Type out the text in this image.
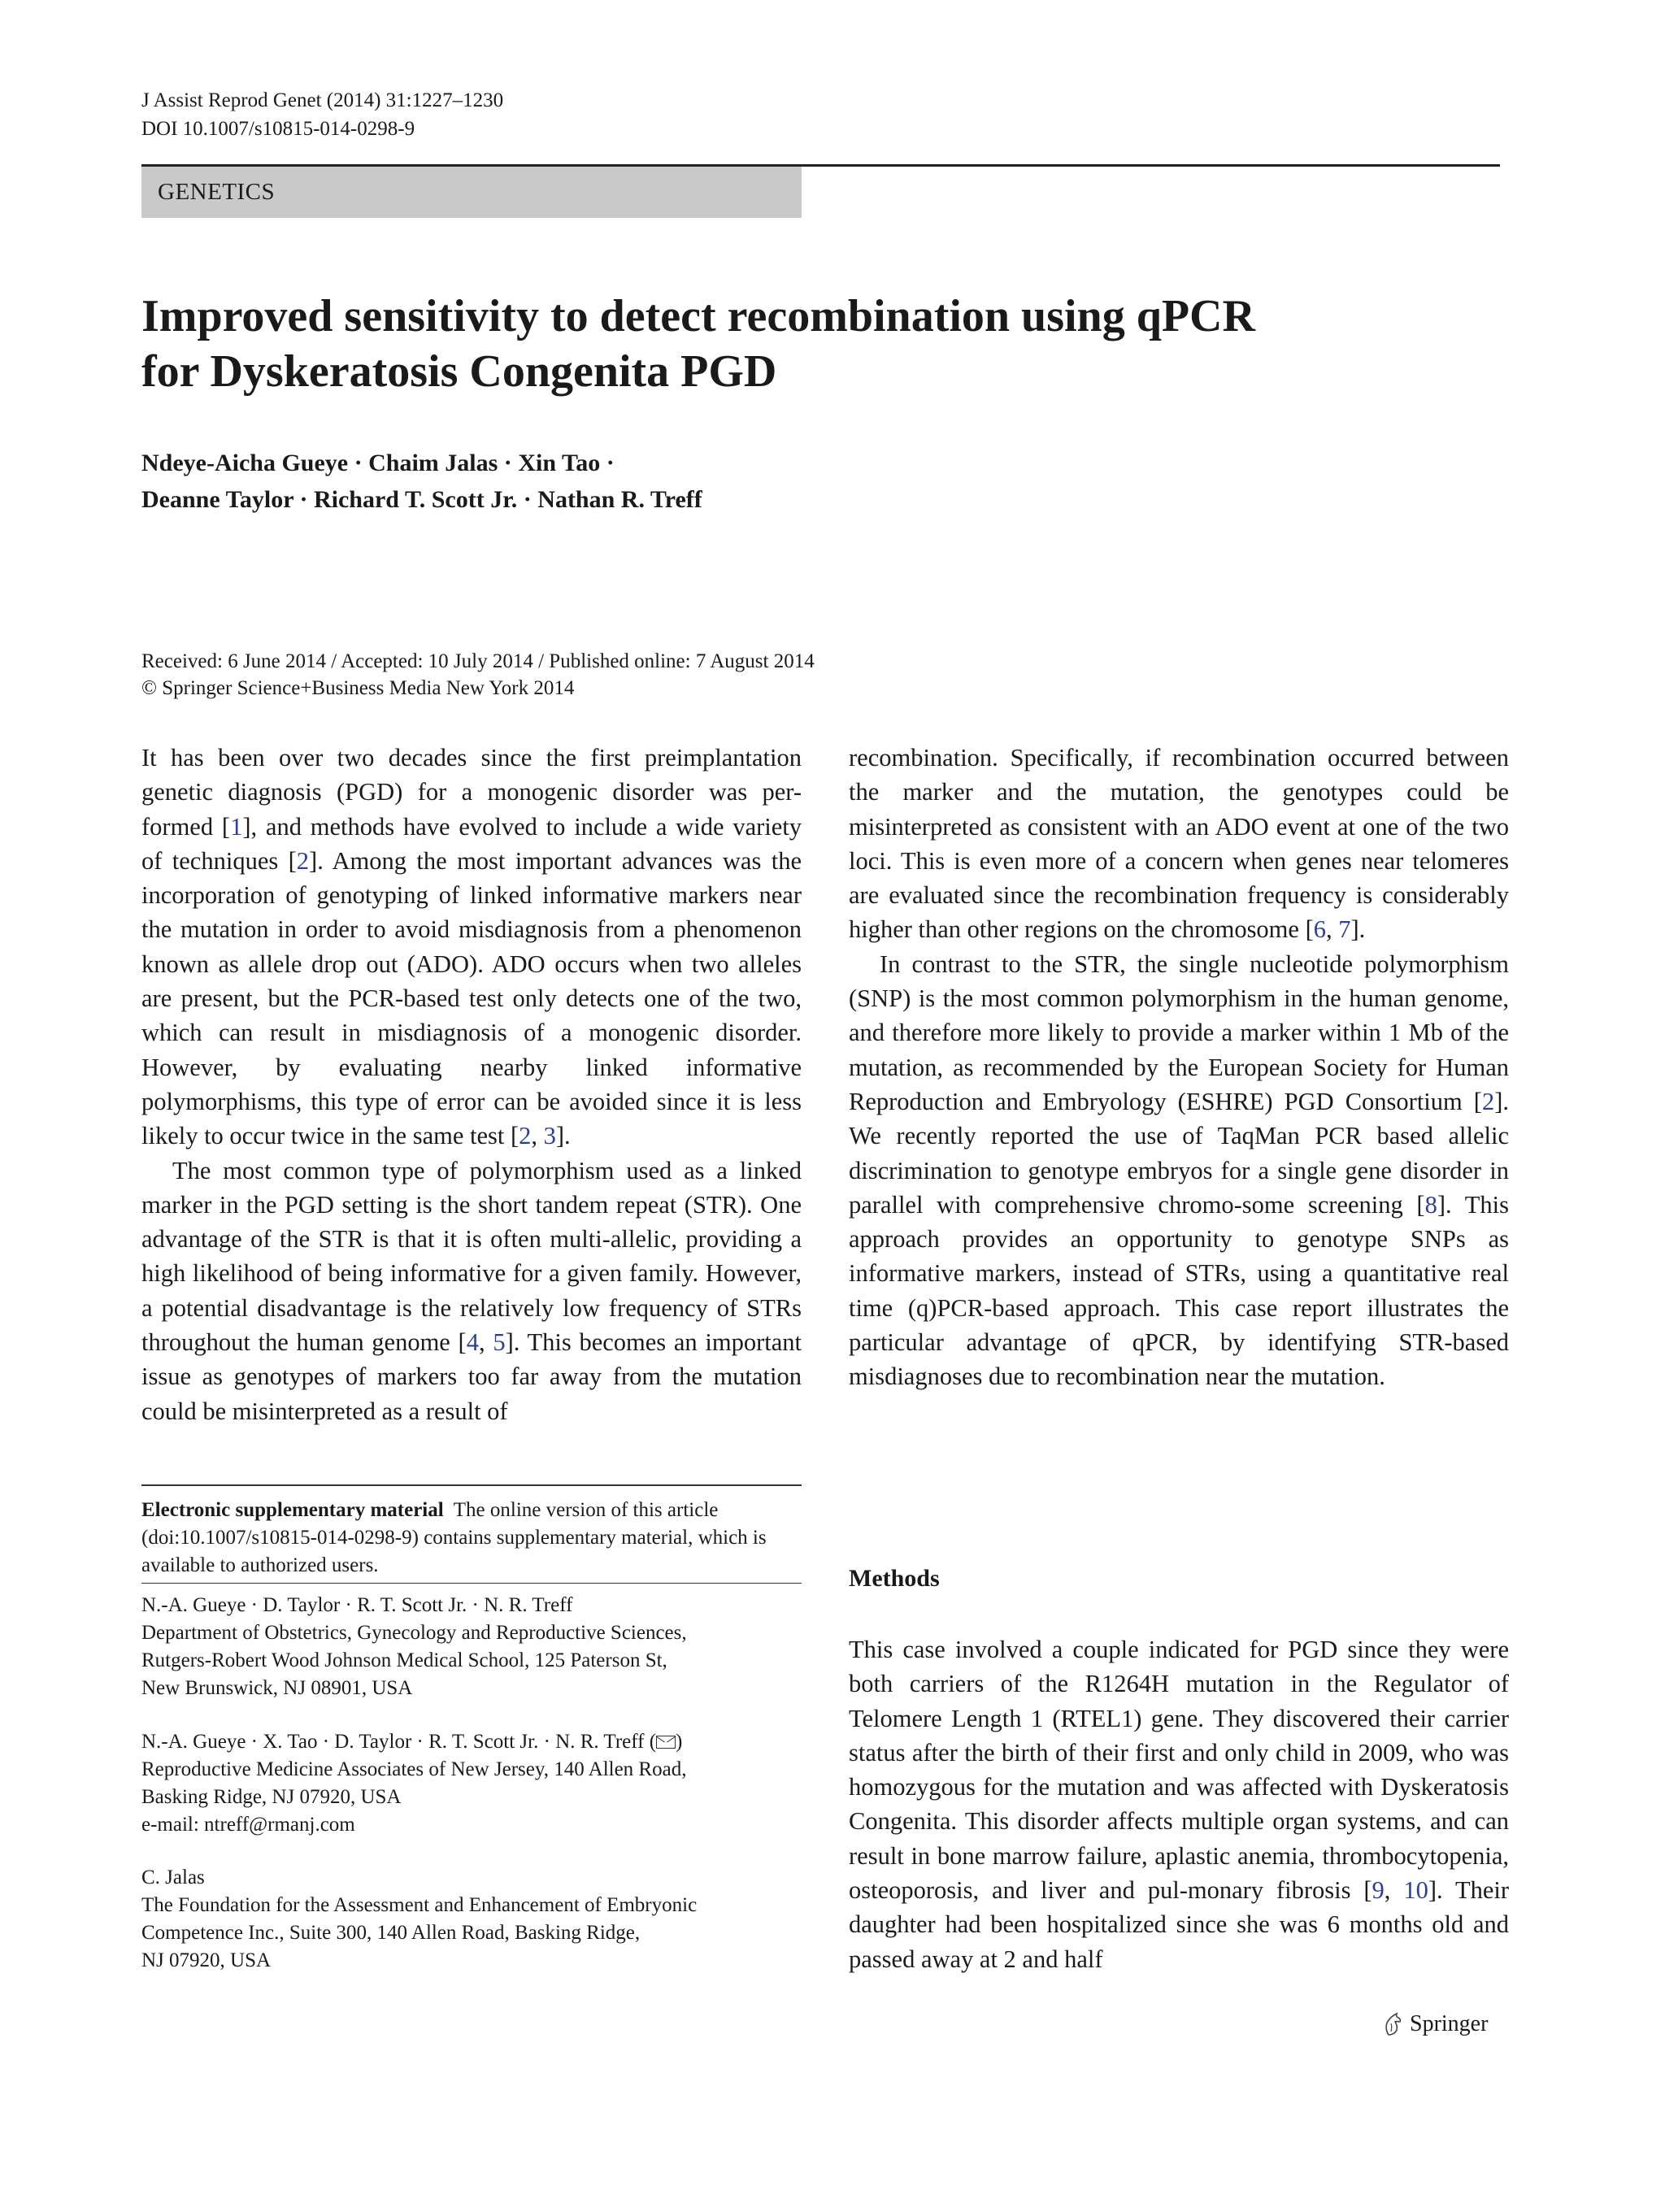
J Assist Reprod Genet (2014) 31:1227–1230
DOI 10.1007/s10815-014-0298-9
GENETICS
Improved sensitivity to detect recombination using qPCR
for Dyskeratosis Congenita PGD
Ndeye-Aicha Gueye · Chaim Jalas · Xin Tao ·
Deanne Taylor · Richard T. Scott Jr. · Nathan R. Treff
Received: 6 June 2014 / Accepted: 10 July 2014 / Published online: 7 August 2014
© Springer Science+Business Media New York 2014

It has been over two decades since the first preimplantation genetic diagnosis (PGD) for a monogenic disorder was per-formed [1], and methods have evolved to include a wide variety of techniques [2]. Among the most important advances was the incorporation of genotyping of linked informative markers near the mutation in order to avoid misdiagnosis from a phenomenon known as allele drop out (ADO). ADO occurs when two alleles are present, but the PCR-based test only detects one of the two, which can result in misdiagnosis of a monogenic disorder. However, by evaluating nearby linked informative polymorphisms, this type of error can be avoided since it is less likely to occur twice in the same test [2, 3].

The most common type of polymorphism used as a linked marker in the PGD setting is the short tandem repeat (STR). One advantage of the STR is that it is often multi-allelic, providing a high likelihood of being informative for a given family. However, a potential disadvantage is the relatively low frequency of STRs throughout the human genome [4, 5]. This becomes an important issue as genotypes of markers too far away from the mutation could be misinterpreted as a result of

Electronic supplementary material The online version of this article (doi:10.1007/s10815-014-0298-9) contains supplementary material, which is available to authorized users.

N.-A. Gueye · D. Taylor · R. T. Scott Jr. · N. R. Treff

Department of Obstetrics, Gynecology and Reproductive Sciences,

Rutgers-Robert Wood Johnson Medical School, 125 Paterson St,

New Brunswick, NJ 08901, USA

N.-A. Gueye · X. Tao · D. Taylor · R. T. Scott Jr. · N. R. Treff ( )

Reproductive Medicine Associates of New Jersey, 140 Allen Road,

Basking Ridge, NJ 07920, USA

e-mail: ntreff@rmanj.com

C. Jalas

The Foundation for the Assessment and Enhancement of Embryonic

Competence Inc., Suite 300, 140 Allen Road, Basking Ridge,

NJ 07920, USA

recombination. Specifically, if recombination occurred between the marker and the mutation, the genotypes could be misinterpreted as consistent with an ADO event at one of the two loci. This is even more of a concern when genes near telomeres are evaluated since the recombination frequency is considerably higher than other regions on the chromosome [6, 7].

In contrast to the STR, the single nucleotide polymorphism (SNP) is the most common polymorphism in the human genome, and therefore more likely to provide a marker within 1 Mb of the mutation, as recommended by the European Society for Human Reproduction and Embryology (ESHRE) PGD Consortium [2]. We recently reported the use of TaqMan PCR based allelic discrimination to genotype embryos for a single gene disorder in parallel with comprehensive chromo-some screening [8]. This approach provides an opportunity to genotype SNPs as informative markers, instead of STRs, using a quantitative real time (q)PCR-based approach. This case report illustrates the particular advantage of qPCR, by identifying STR-based misdiagnoses due to recombination near the mutation.

Methods

This case involved a couple indicated for PGD since they were both carriers of the R1264H mutation in the Regulator of Telomere Length 1 (RTEL1) gene. They discovered their carrier status after the birth of their first and only child in 2009, who was homozygous for the mutation and was affected with Dyskeratosis Congenita. This disorder affects multiple organ systems, and can result in bone marrow failure, aplastic anemia, thrombocytopenia, osteoporosis, and liver and pul-monary fibrosis [9, 10]. Their daughter had been hospitalized since she was 6 months old and passed away at 2 and half

Springer
